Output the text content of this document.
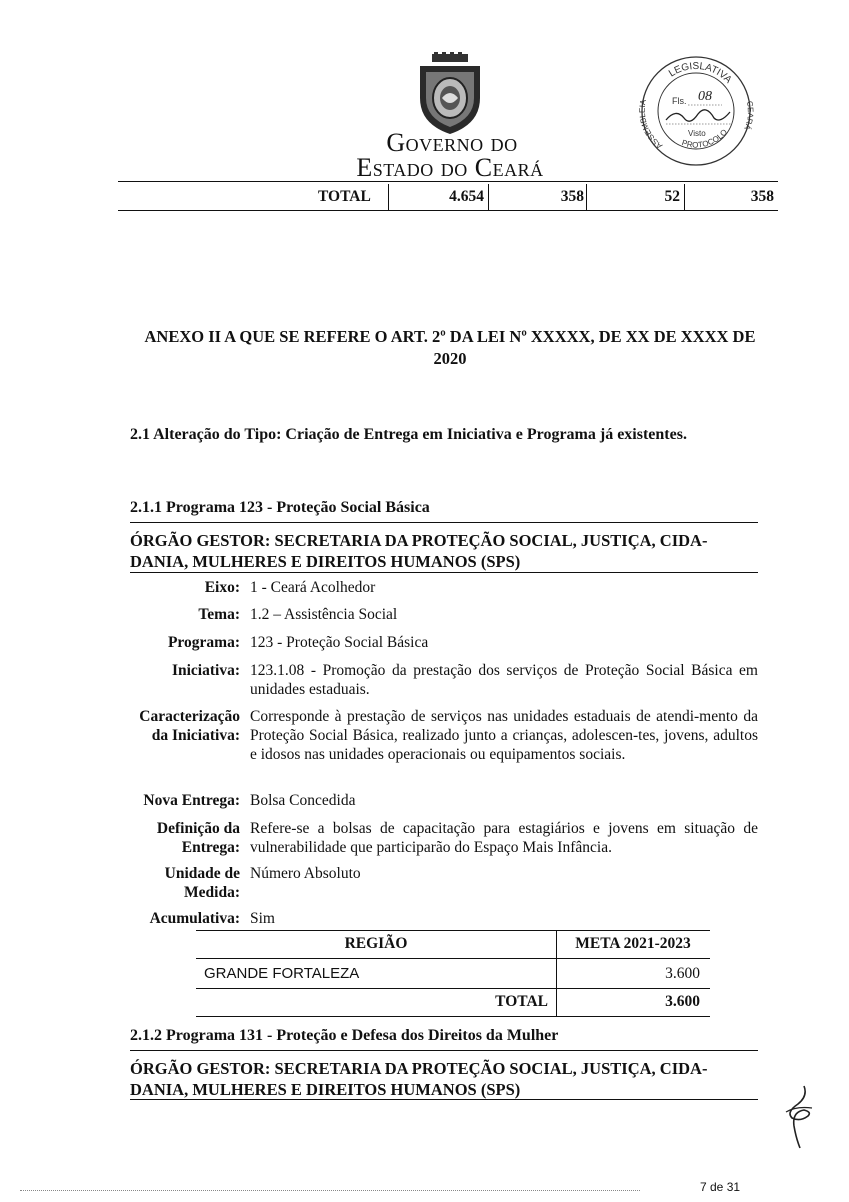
Governo do
Estado do Ceará
LEGISLATIVA
ASSEMBLEIA	CEARÁ
PROTOCOLO
Fls. 08
Visto
TOTAL	4.654	358	52	358
ANEXO II A QUE SE REFERE O ART. 2º DA LEI Nº XXXXX, DE XX DE XXXX DE
2020
2.1 Alteração do Tipo: Criação de Entrega em Iniciativa e Programa já existentes.
2.1.1 Programa 123 - Proteção Social Básica
ÓRGÃO GESTOR: SECRETARIA DA PROTEÇÃO SOCIAL, JUSTIÇA, CIDA-
DANIA, MULHERES E DIREITOS HUMANOS (SPS)
Eixo: 1 - Ceará Acolhedor
Tema: 1.2 – Assistência Social
Programa: 123 - Proteção Social Básica
Iniciativa: 123.1.08 - Promoção da prestação dos serviços de Proteção Social Básica em unidades estaduais.
Caracterização
da Iniciativa:
Corresponde à prestação de serviços nas unidades estaduais de atendi-mento da Proteção Social Básica, realizado junto a crianças, adolescen-tes, jovens, adultos e idosos nas unidades operacionais ou equipamentos sociais.
Nova Entrega: Bolsa Concedida
Definição da
Entrega:
Refere-se a bolsas de capacitação para estagiários e jovens em situação de vulnerabilidade que participarão do Espaço Mais Infância.
Unidade de
Medida:
Número Absoluto
Acumulativa: Sim
REGIÃO	META 2021-2023
GRANDE FORTALEZA	3.600
TOTAL	3.600
2.1.2 Programa 131 - Proteção e Defesa dos Direitos da Mulher
ÓRGÃO GESTOR: SECRETARIA DA PROTEÇÃO SOCIAL, JUSTIÇA, CIDA-
DANIA, MULHERES E DIREITOS HUMANOS (SPS)
7 de 31
